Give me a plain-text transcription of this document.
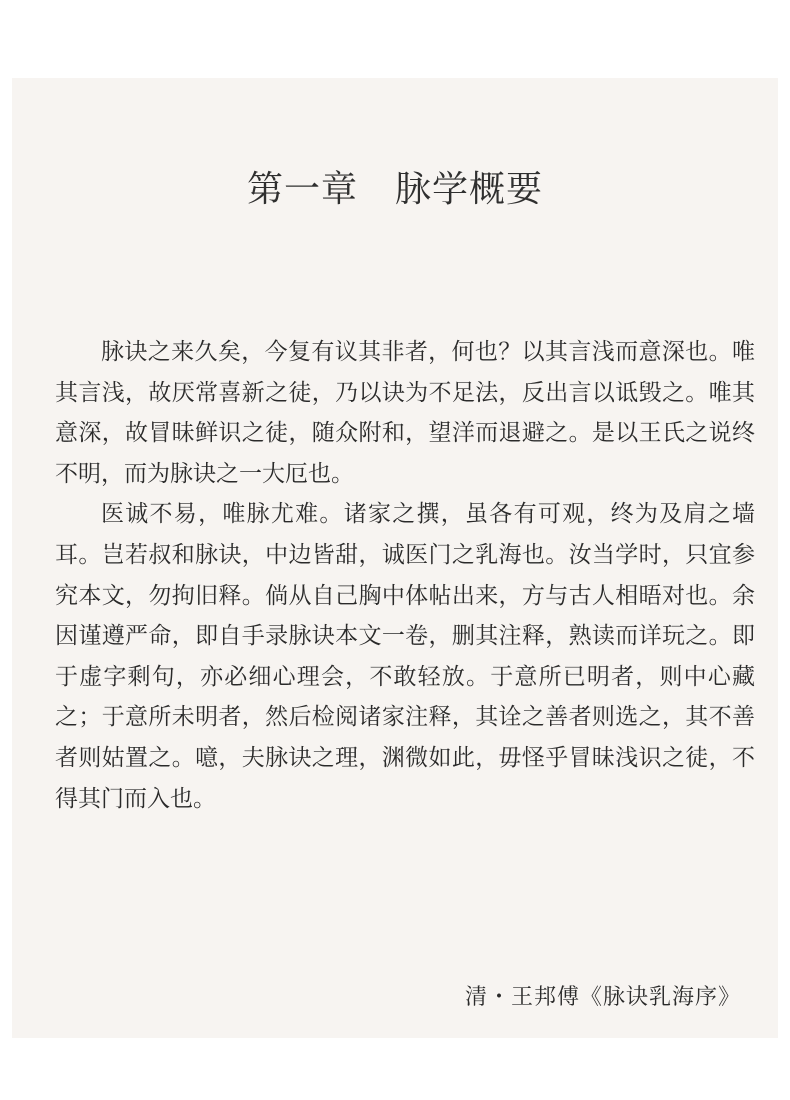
第一章　脉学概要

脉诀之来久矣，今复有议其非者，何也？以其言浅而意深也。唯其言浅，故厌常喜新之徒，乃以诀为不足法，反出言以诋毁之。唯其意深，故冒昧鲜识之徒，随众附和，望洋而退避之。是以王氏之说终不明，而为脉诀之一大厄也。

医诚不易，唯脉尤难。诸家之撰，虽各有可观，终为及肩之墙耳。岂若叔和脉诀，中边皆甜，诚医门之乳海也。汝当学时，只宜参究本文，勿拘旧释。倘从自己胸中体帖出来，方与古人相晤对也。余因谨遵严命，即自手录脉诀本文一卷，删其注释，熟读而详玩之。即于虚字剩句，亦必细心理会，不敢轻放。于意所已明者，则中心藏之；于意所未明者，然后检阅诸家注释，其诠之善者则选之，其不善者则姑置之。噫，夫脉诀之理，渊微如此，毋怪乎冒昧浅识之徒，不得其门而入也。

清・王邦傅《脉诀乳海序》
